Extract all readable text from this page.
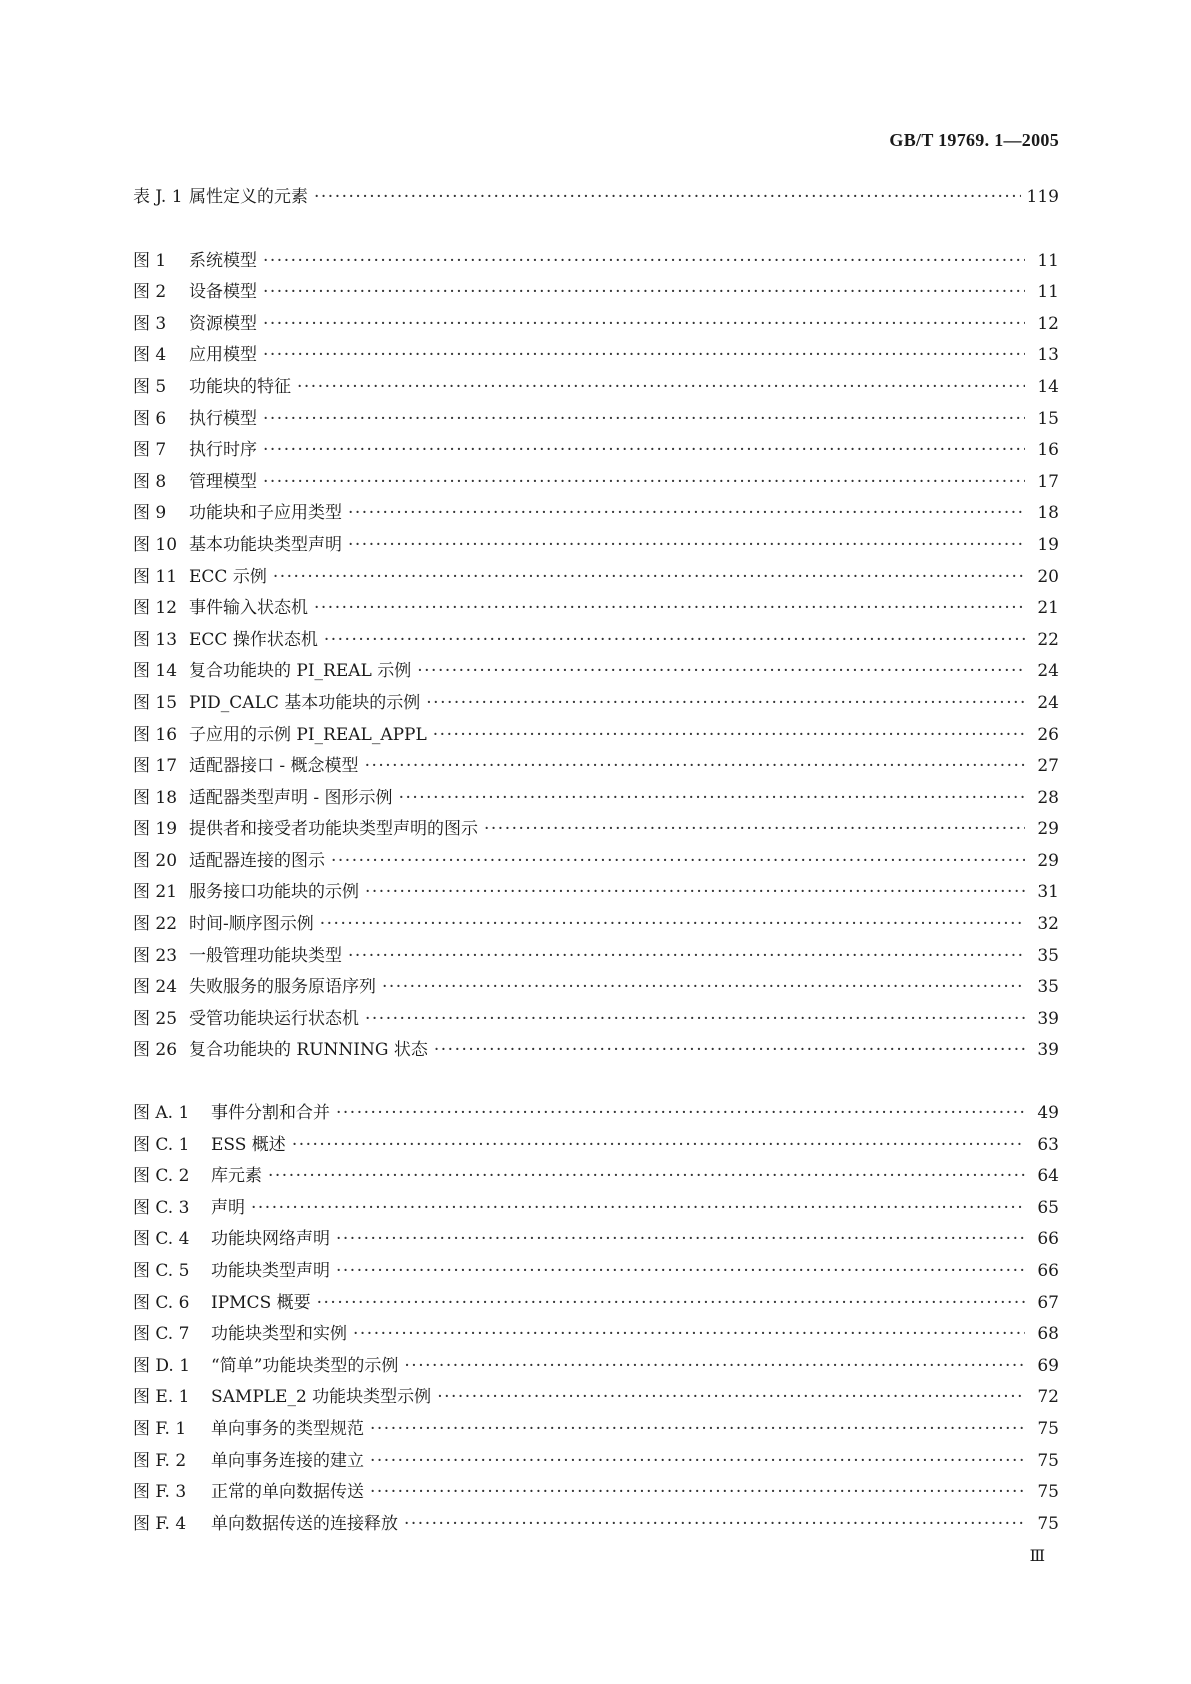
GB/T 19769. 1—2005
表 J. 1 属性定义的元素 ·····	119
图 1	系统模型 ·····	11
图 2	设备模型 ·····	11
图 3	资源模型 ·····	12
图 4	应用模型 ·····	13
图 5	功能块的特征 ·····	14
图 6	执行模型 ·····	15
图 7	执行时序 ·····	16
图 8	管理模型 ·····	17
图 9	功能块和子应用类型 ·····	18
图 10 基本功能块类型声明 ·····	19
图 11 ECC 示例 ·····	20
图 12 事件输入状态机 ·····	21
图 13 ECC 操作状态机 ·····	22
图 14 复合功能块的 PI_REAL 示例 ·····	24
图 15 PID_CALC 基本功能块的示例 ·····	24
图 16 子应用的示例 PI_REAL_APPL ·····	26
图 17 适配器接口 - 概念模型 ·····	27
图 18 适配器类型声明 - 图形示例 ·····	28
图 19 提供者和接受者功能块类型声明的图示 ·····	29
图 20 适配器连接的图示 ·····	29
图 21 服务接口功能块的示例 ·····	31
图 22 时间-顺序图示例 ·····	32
图 23 一般管理功能块类型 ·····	35
图 24 失败服务的服务原语序列 ·····	35
图 25 受管功能块运行状态机 ·····	39
图 26 复合功能块的 RUNNING 状态 ·····	39
图 A. 1	事件分割和合并 ·····	49
图 C. 1	ESS 概述 ·····	63
图 C. 2	库元素 ·····	64
图 C. 3	声明 ·····	65
图 C. 4	功能块网络声明 ·····	66
图 C. 5	功能块类型声明 ·····	66
图 C. 6	IPMCS 概要 ·····	67
图 C. 7	功能块类型和实例 ·····	68
图 D. 1	“简单”功能块类型的示例 ·····	69
图 E. 1	SAMPLE_2 功能块类型示例 ·····	72
图 F. 1	单向事务的类型规范 ·····	75
图 F. 2	单向事务连接的建立 ·····	75
图 F. 3	正常的单向数据传送 ·····	75
图 F. 4	单向数据传送的连接释放 ·····	75
Ⅲ
